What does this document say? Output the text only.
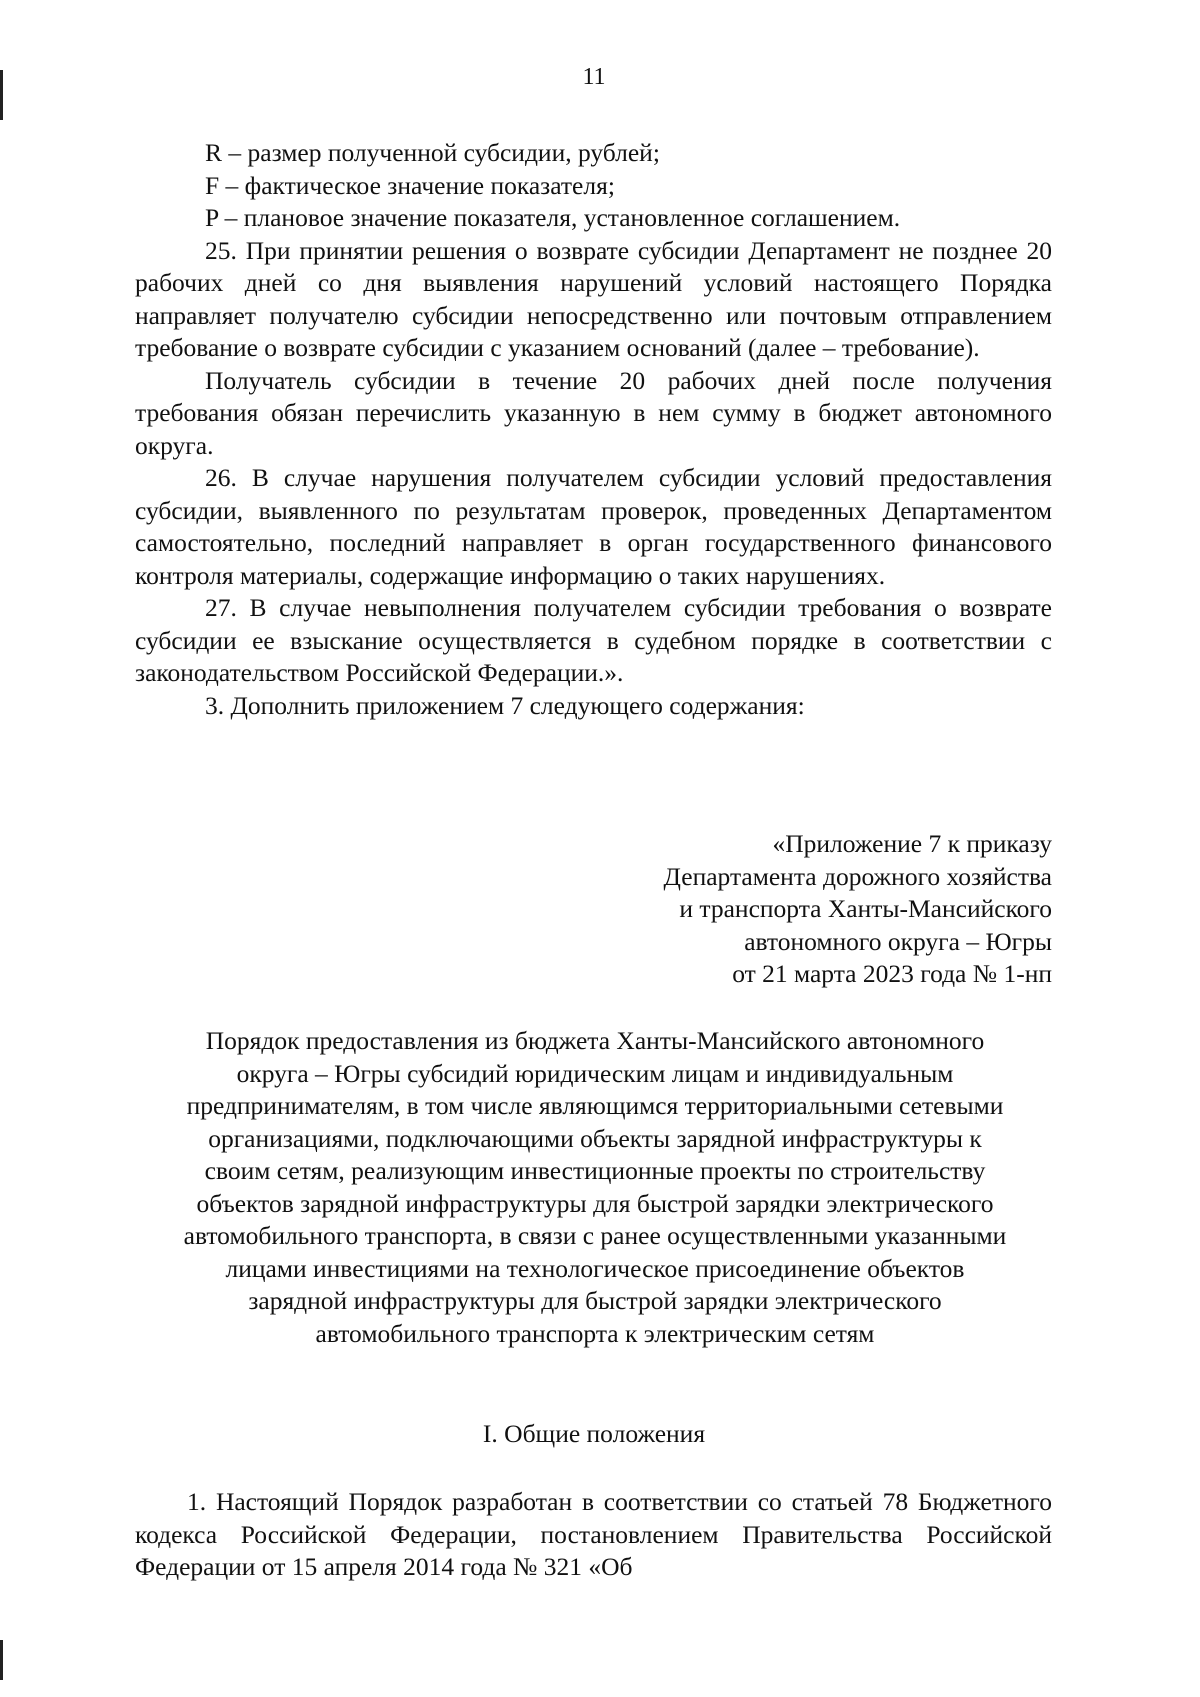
11

R – размер полученной субсидии, рублей;

F – фактическое значение показателя;

P – плановое значение показателя, установленное соглашением.

25. При принятии решения о возврате субсидии Департамент не позднее 20 рабочих дней со дня выявления нарушений условий настоящего Порядка направляет получателю субсидии непосредственно или почтовым отправлением требование о возврате субсидии с указанием оснований (далее – требование).

Получатель субсидии в течение 20 рабочих дней после получения требования обязан перечислить указанную в нем сумму в бюджет автономного округа.

26. В случае нарушения получателем субсидии условий предоставления субсидии, выявленного по результатам проверок, проведенных Департаментом самостоятельно, последний направляет в орган государственного финансового контроля материалы, содержащие информацию о таких нарушениях.

27. В случае невыполнения получателем субсидии требования о возврате субсидии ее взыскание осуществляется в судебном порядке в соответствии с законодательством Российской Федерации.».

3. Дополнить приложением 7 следующего содержания:

«Приложение 7 к приказу
Департамента дорожного хозяйства
и транспорта Ханты-Мансийского
автономного округа – Югры
от 21 марта 2023 года № 1-нп
Порядок предоставления из бюджета Ханты-Мансийского автономного
округа – Югры субсидий юридическим лицам и индивидуальным
предпринимателям, в том числе являющимся территориальными сетевыми
организациями, подключающими объекты зарядной инфраструктуры к
своим сетям, реализующим инвестиционные проекты по строительству
объектов зарядной инфраструктуры для быстрой зарядки электрического
автомобильного транспорта, в связи с ранее осуществленными указанными
лицами инвестициями на технологическое присоединение объектов
зарядной инфраструктуры для быстрой зарядки электрического
автомобильного транспорта к электрическим сетям
I. Общие положения

1. Настоящий Порядок разработан в соответствии со статьей 78 Бюджетного кодекса Российской Федерации, постановлением Правительства Российской Федерации от 15 апреля 2014 года № 321 «Об
